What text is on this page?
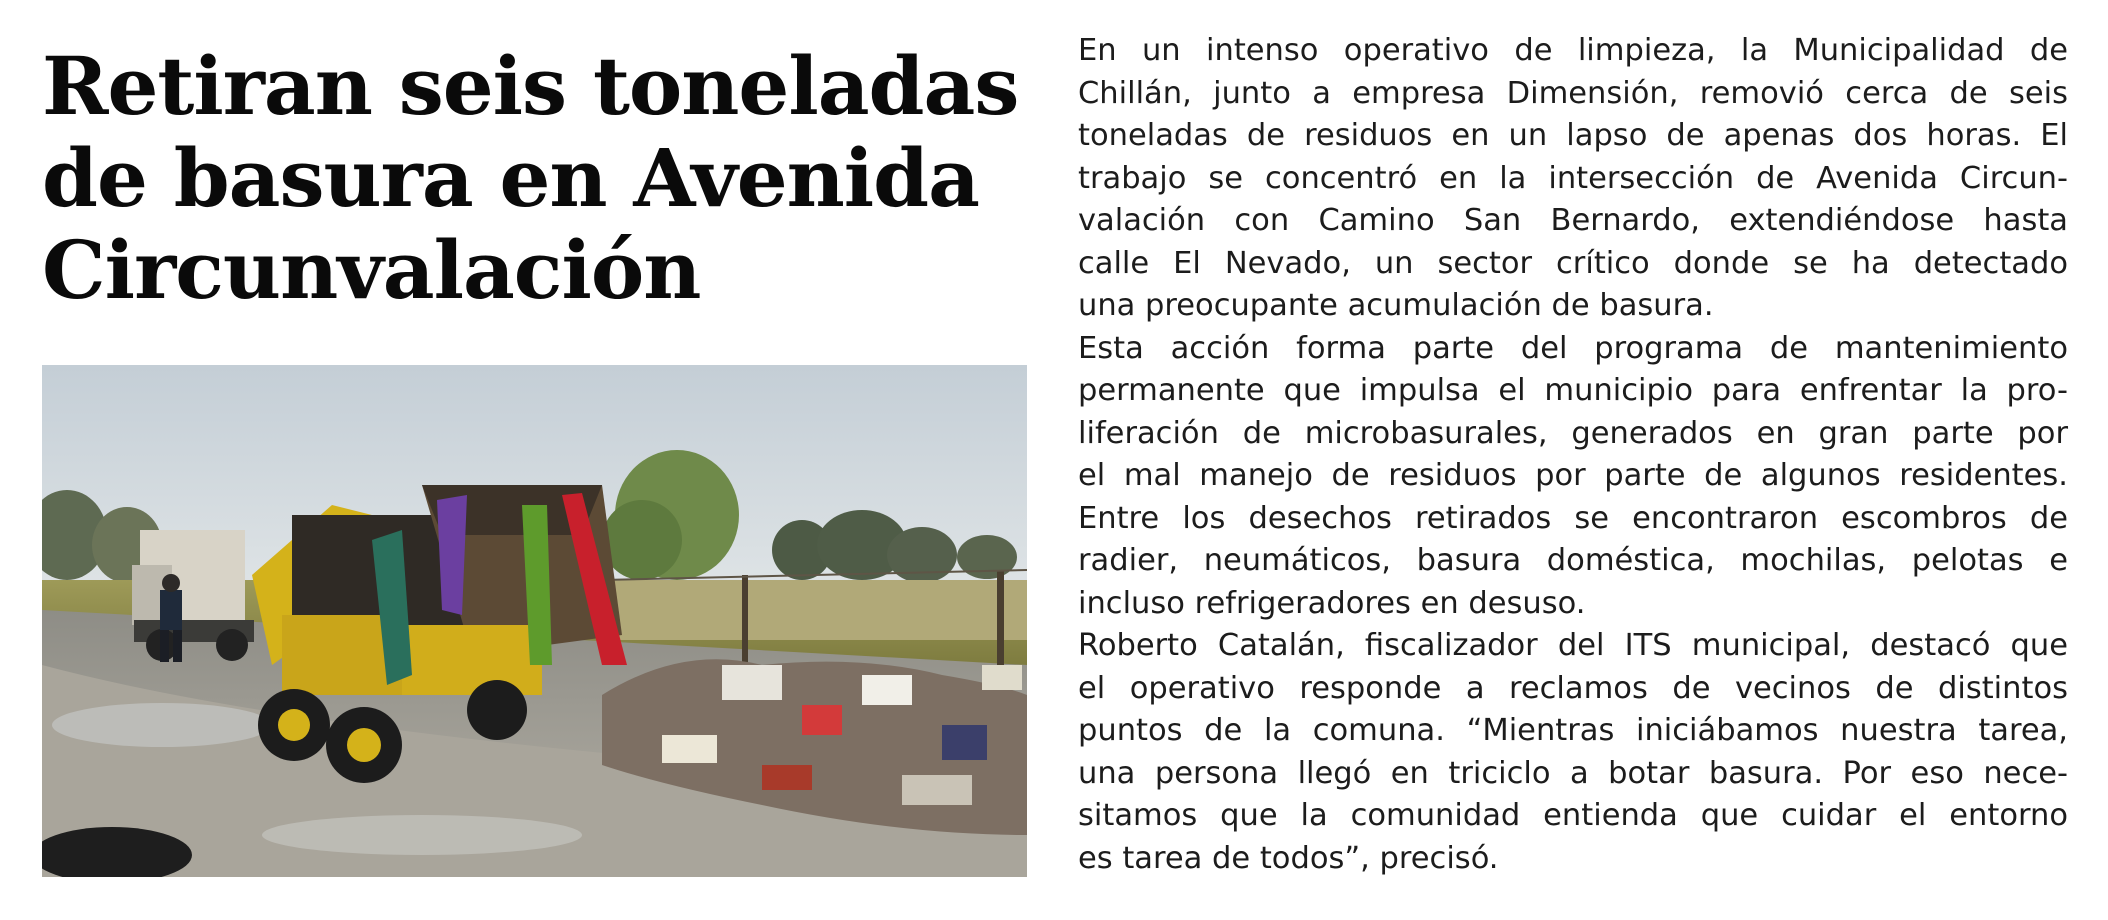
Retiran seis toneladas
de basura en Avenida
Circunvalación
En un intenso operativo de limpieza, la Municipalidad de
Chillán, junto a empresa Dimensión, removió cerca de seis
toneladas de residuos en un lapso de apenas dos horas. El
trabajo se concentró en la intersección de Avenida Circun-
valación con Camino San Bernardo, extendiéndose hasta
calle El Nevado, un sector crítico donde se ha detectado
una preocupante acumulación de basura.
Esta acción forma parte del programa de mantenimiento
permanente que impulsa el municipio para enfrentar la pro-
liferación de microbasurales, generados en gran parte por
el mal manejo de residuos por parte de algunos residentes.
Entre los desechos retirados se encontraron escombros de
radier, neumáticos, basura doméstica, mochilas, pelotas e
incluso refrigeradores en desuso.
Roberto Catalán, fiscalizador del ITS municipal, destacó que
el operativo responde a reclamos de vecinos de distintos
puntos de la comuna. “Mientras iniciábamos nuestra tarea,
una persona llegó en triciclo a botar basura. Por eso nece-
sitamos que la comunidad entienda que cuidar el entorno
es tarea de todos”, precisó.
